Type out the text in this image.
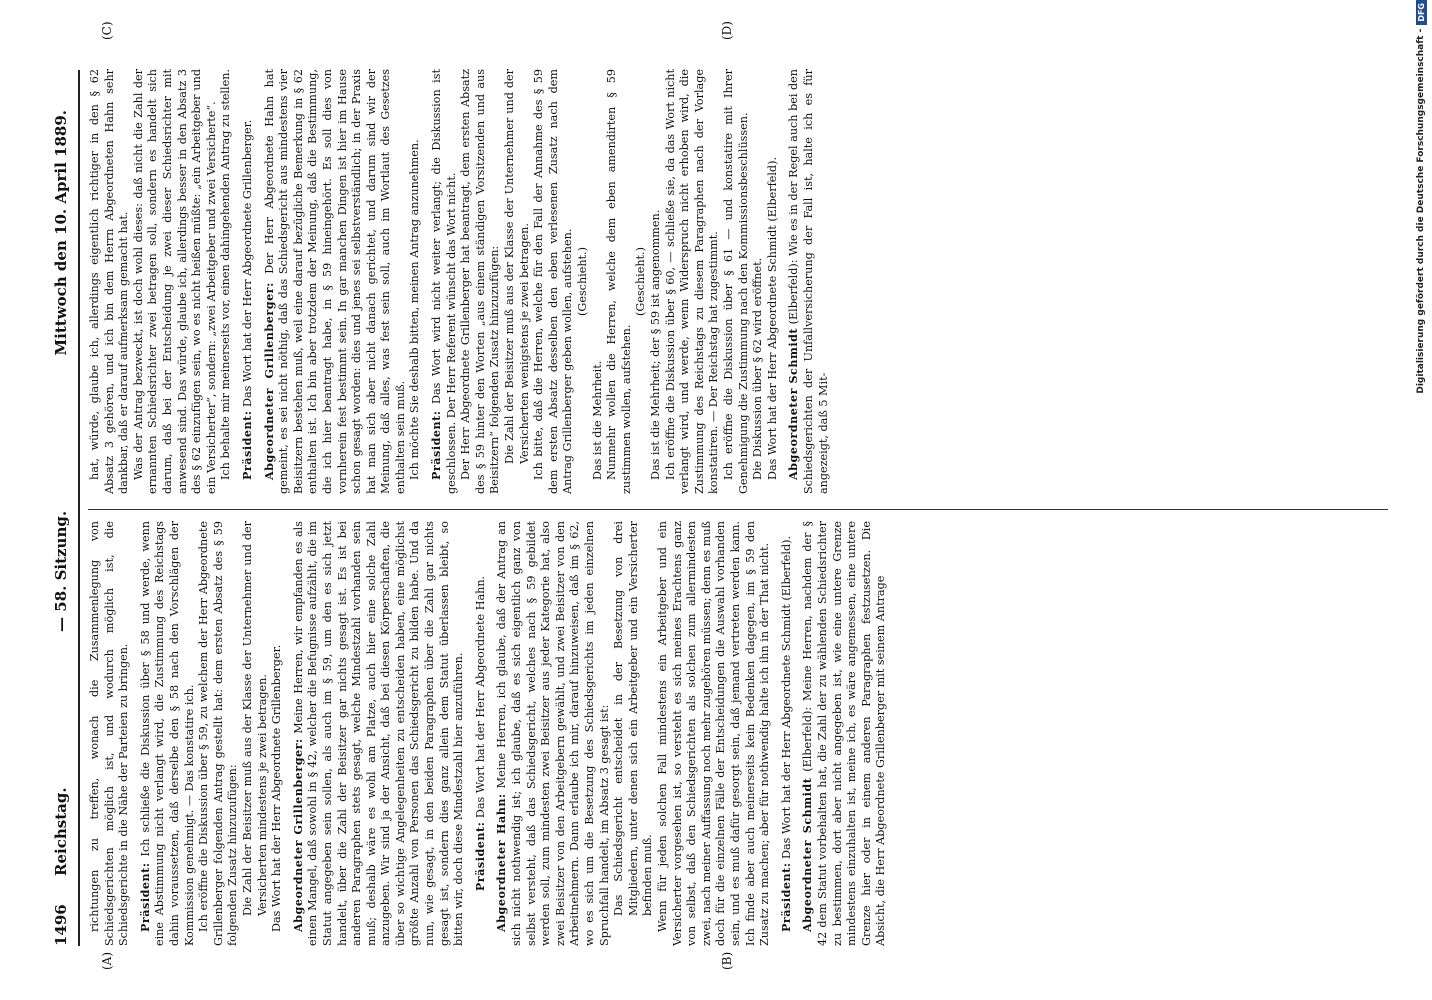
1496
Reichstag.
— 58. Sitzung.
Mittwoch den 10. April 1889.
(A)	(B)
(C)	(D)

richtungen zu treffen, wonach die Zusammenlegung von Schiedsgerichten möglich ist, und wodurch möglich ist, die Schiedsgerichte in die Nähe der Parteien zu bringen. Präsident: Ich schließe die Diskussion über § 58 und werde, wenn eine Abstimmung nicht verlangt wird, die Zustimmung des Reichstags dahin voraussetzen, daß derselbe den § 58 nach den Vorschlägen der Kommission genehmigt. — Das konstatire ich. Ich eröffne die Diskussion über § 59, zu welchem der Herr Abgeordnete Grillenberger folgenden Antrag gestellt hat: dem ersten Absatz des § 59 folgenden Zusatz hinzuzufügen: Die Zahl der Beisitzer muß aus der Klasse der Unternehmer und der Versicherten mindestens je zwei betragen. Das Wort hat der Herr Abgeordnete Grillenberger. Abgeordneter Grillenberger: Meine Herren, wir empfanden es als einen Mangel, daß sowohl in § 42, welcher die Befugnisse aufzählt, die im Statut angegeben sein sollen, als auch im § 59, um den es sich jetzt handelt, über die Zahl der Beisitzer gar nichts gesagt ist. Es ist bei anderen Paragraphen stets gesagt, welche Mindestzahl vorhanden sein muß; deshalb wäre es wohl am Platze, auch hier eine solche Zahl anzugeben. Wir sind ja der Ansicht, daß bei diesen Körperschaften, die über so wichtige Angelegenheiten zu entscheiden haben, eine möglichst größte Anzahl von Personen das Schiedsgericht zu bilden habe. Und da nun, wie gesagt, in den beiden Paragraphen über die Zahl gar nichts gesagt ist, sondern dies ganz allein dem Statut überlassen bleibt, so bitten wir, doch diese Mindestzahl hier anzuführen. Präsident: Das Wort hat der Herr Abgeordnete Hahn.

Abgeordneter Hahn: Meine Herren, ich glaube, daß der Antrag an sich nicht nothwendig ist; ich glaube, daß es sich eigentlich ganz von selbst versteht, daß das Schiedsgericht, welches nach § 59 gebildet werden soll, zum mindesten zwei Beisitzer aus jeder Kategorie hat, also zwei Beisitzer von den Arbeitgebern gewählt, und zwei Beisitzer von den Arbeitnehmern. Dann erlaube ich mir, darauf hinzuweisen, daß im § 62, wo es sich um die Besetzung des Schiedsgerichts im jeden einzelnen Spruchfall handelt, im Absatz 3 gesagt ist: Das Schiedsgericht entscheidet in der Besetzung von drei Mitgliedern, unter denen sich ein Arbeitgeber und ein Versicherter befinden muß. Wenn für jeden solchen Fall mindestens ein Arbeitgeber und ein Versicherter vorgesehen ist, so versteht es sich meines Erachtens ganz von selbst, daß den Schiedsgerichten als solchen zum allermindesten zwei, nach meiner Auffassung noch mehr zugehören müssen; denn es muß doch für die einzelnen Fälle der Entscheidungen die Auswahl vorhanden sein, und es muß dafür gesorgt sein, daß jemand vertreten werden kann. Ich finde aber auch meinerseits kein Bedenken dagegen, im § 59 den Zusatz zu machen; aber für nothwendig halte ich ihn in der That nicht. Präsident: Das Wort hat der Herr Abgeordnete Schmidt (Elberfeld). Abgeordneter Schmidt (Elberfeld): Meine Herren, nachdem der § 42 dem Statut vorbehalten hat, die Zahl der zu wählenden Schiedsrichter zu bestimmen, dort aber nicht angegeben ist, wie eine untere Grenze mindestens einzuhalten ist, meine ich, es wäre angemessen, eine untere Grenze hier oder in einem anderen Paragraphen festzusetzen. Die Absicht, die Herr Abgeordnete Grillenberger mit seinem Antrage

hat, würde, glaube ich, allerdings eigentlich richtiger in den § 62 Absatz 3 gehören, und ich bin dem Herrn Abgeordneten Hahn sehr dankbar, daß er darauf aufmerksam gemacht hat. Was der Antrag bezweckt, ist doch wohl dieses: daß nicht die Zahl der ernannten Schiedsrichter zwei betragen soll, sondern es handelt sich darum, daß bei der Entscheidung je zwei dieser Schiedsrichter mit anwesend sind. Das würde, glaube ich, allerdings besser in den Absatz 3 des § 62 einzufügen sein, wo es nicht heißen müßte: „ein Arbeitgeber und ein Versicherter“, sondern: „zwei Arbeitgeber und zwei Versicherte“. Ich behalte mir meinerseits vor, einen dahingehenden Antrag zu stellen. Präsident: Das Wort hat der Herr Abgeordnete Grillenberger. Abgeordneter Grillenberger: Der Herr Abgeordnete Hahn hat gemeint, es sei nicht nöthig, daß das Schiedsgericht aus mindestens vier Beisitzern bestehen muß, weil eine darauf bezügliche Bemerkung in § 62 enthalten ist. Ich bin aber trotzdem der Meinung, daß die Bestimmung, die ich hier beantragt habe, in § 59 hineingehört. Es soll dies von vornherein fest bestimmt sein. In gar manchen Dingen ist hier im Hause schon gesagt worden: dies und jenes sei selbstverständlich; in der Praxis hat man sich aber nicht danach gerichtet, und darum sind wir der Meinung, daß alles, was fest sein soll, auch im Wortlaut des Gesetzes enthalten sein muß. Ich möchte Sie deshalb bitten, meinen Antrag anzunehmen. Präsident: Das Wort wird nicht weiter verlangt; die Diskussion ist geschlossen. Der Herr Referent wünscht das Wort nicht. Der Herr Abgeordnete Grillenberger hat beantragt, dem ersten Absatz des § 59 hinter den Worten „aus einem ständigen Vorsitzenden und aus Beisitzern“ folgenden Zusatz hinzuzufügen: Die Zahl der Beisitzer muß aus der Klasse der Unternehmer und der Versicherten wenigstens je zwei betragen. Ich bitte, daß die Herren, welche für den Fall der Annahme des § 59 dem ersten Absatz desselben den eben verlesenen Zusatz nach dem Antrag Grillenberger geben wollen, aufstehen. (Geschieht.)

Das ist die Mehrheit. Nunmehr wollen die Herren, welche dem eben amendirten § 59 zustimmen wollen, aufstehen.

(Geschieht.) Das ist die Mehrheit; der § 59 ist angenommen. Ich eröffne die Diskussion über § 60, — schließe sie, da das Wort nicht verlangt wird, und werde, wenn Widerspruch nicht erhoben wird, die Zustimmung des Reichstags zu diesem Paragraphen nach der Vorlage konstatiren. — Der Reichstag hat zugestimmt. Ich eröffne die Diskussion über § 61 — und konstatire mit Ihrer Genehmigung die Zustimmung nach den Kommissionsbeschlüssen. Die Diskussion über § 62 wird eröffnet. Das Wort hat der Herr Abgeordnete Schmidt (Elberfeld). Abgeordneter Schmidt (Elberfeld): Wie es in der Regel auch bei den Schiedsgerichten der Unfallversicherung der Fall ist, halte ich es für angezeigt, daß 5 Mit-

Digitalisierung gefördert durch die Deutsche Forschungsgemeinschaft -
DFG
